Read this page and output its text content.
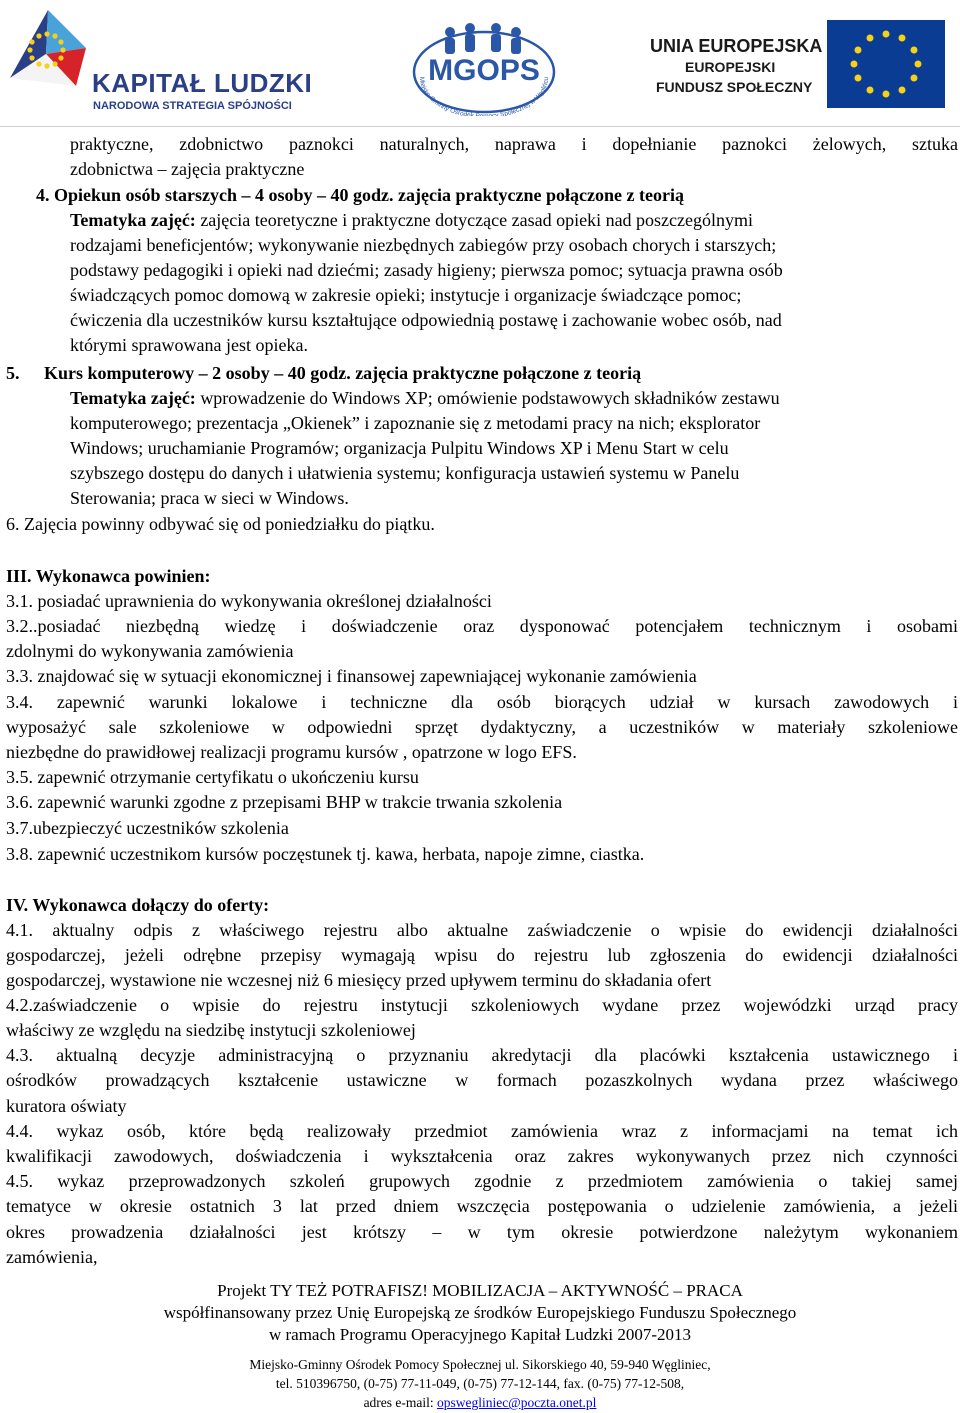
KAPITAŁ LUDZKI
NARODOWA STRATEGIA SPÓJNOŚCI
MGOPS
Miejsko-Gminny Ośrodek y Społecznej w Węglińcu
UNIA EUROPEJSKA
EUROPEJSKI
FUNDUSZ SPOŁECZNY

praktyczne, zdobnictwo paznokci naturalnych, naprawa i dopełnianie paznokci żelowych, sztuka

zdobnictwa – zajęcia praktyczne

4. Opiekun osób starszych – 4 osoby – 40 godz. zajęcia praktyczne połączone z teorią

Tematyka zajęć: zajęcia teoretyczne i praktyczne dotyczące zasad opieki nad poszczególnymi

rodzajami beneficjentów; wykonywanie niezbędnych zabiegów przy osobach chorych i starszych;

podstawy pedagogiki i opieki nad dziećmi; zasady higieny; pierwsza pomoc; sytuacja prawna osób

świadczących pomoc domową w zakresie opieki; instytucje i organizacje świadczące pomoc;

ćwiczenia dla uczestników kursu kształtujące odpowiednią postawę i zachowanie wobec osób, nad

którymi sprawowana jest opieka.

5. Kurs komputerowy – 2 osoby – 40 godz. zajęcia praktyczne połączone z teorią

Tematyka zajęć: wprowadzenie do Windows XP; omówienie podstawowych składników zestawu

komputerowego; prezentacja „Okienek” i zapoznanie się z metodami pracy na nich; eksplorator

Windows; uruchamianie Programów; organizacja Pulpitu Windows XP i Menu Start w celu

szybszego dostępu do danych i ułatwienia systemu; konfiguracja ustawień systemu w Panelu

Sterowania; praca w sieci w Windows.

6. Zajęcia powinny odbywać się od poniedziałku do piątku.

III. Wykonawca powinien:

3.1. posiadać uprawnienia do wykonywania określonej działalności

3.2..posiadać niezbędną wiedzę i doświadczenie oraz dysponować potencjałem technicznym i osobami

zdolnymi do wykonywania zamówienia

3.3. znajdować się w sytuacji ekonomicznej i finansowej zapewniającej wykonanie zamówienia

3.4. zapewnić warunki lokalowe i techniczne dla osób biorących udział w kursach zawodowych i

wyposażyć sale szkoleniowe w odpowiedni sprzęt dydaktyczny, a uczestników w materiały szkoleniowe

niezbędne do prawidłowej realizacji programu kursów , opatrzone w logo EFS.

3.5. zapewnić otrzymanie certyfikatu o ukończeniu kursu

3.6. zapewnić warunki zgodne z przepisami BHP w trakcie trwania szkolenia

3.7.ubezpieczyć uczestników szkolenia

3.8. zapewnić uczestnikom kursów poczęstunek tj. kawa, herbata, napoje zimne, ciastka.

IV. Wykonawca dołączy do oferty:

4.1. aktualny odpis z właściwego rejestru albo aktualne zaświadczenie o wpisie do ewidencji działalności

gospodarczej, jeżeli odrębne przepisy wymagają wpisu do rejestru lub zgłoszenia do ewidencji działalności

gospodarczej, wystawione nie wczesnej niż 6 miesięcy przed upływem terminu do składania ofert

4.2.zaświadczenie o wpisie do rejestru instytucji szkoleniowych wydane przez wojewódzki urząd pracy

właściwy ze względu na siedzibę instytucji szkoleniowej

4.3. aktualną decyzje administracyjną o przyznaniu akredytacji dla placówki kształcenia ustawicznego i

ośrodków prowadzących kształcenie ustawiczne w formach pozaszkolnych wydana przez właściwego

kuratora oświaty

4.4. wykaz osób, które będą realizowały przedmiot zamówienia wraz z informacjami na temat ich

kwalifikacji zawodowych, doświadczenia i wykształcenia oraz zakres wykonywanych przez nich czynności

4.5. wykaz przeprowadzonych szkoleń grupowych zgodnie z przedmiotem zamówienia o takiej samej

tematyce w okresie ostatnich 3 lat przed dniem wszczęcia postępowania o udzielenie zamówienia, a jeżeli

okres prowadzenia działalności jest krótszy – w tym okresie potwierdzone należytym wykonaniem

zamówienia,

Projekt TY TEŻ POTRAFISZ! MOBILIZACJA – AKTYWNOŚĆ – PRACA

współfinansowany przez Unię Europejską ze środków Europejskiego Funduszu Społecznego

w ramach Programu Operacyjnego Kapitał Ludzki 2007-2013

Miejsko-Gminny Ośrodek Pomocy Społecznej ul. Sikorskiego 40, 59-940 Węgliniec,

tel. 510396750, (0-75) 77-11-049, (0-75) 77-12-144, fax. (0-75) 77-12-508,

adres e-mail: opswegliniec@poczta.onet.pl
